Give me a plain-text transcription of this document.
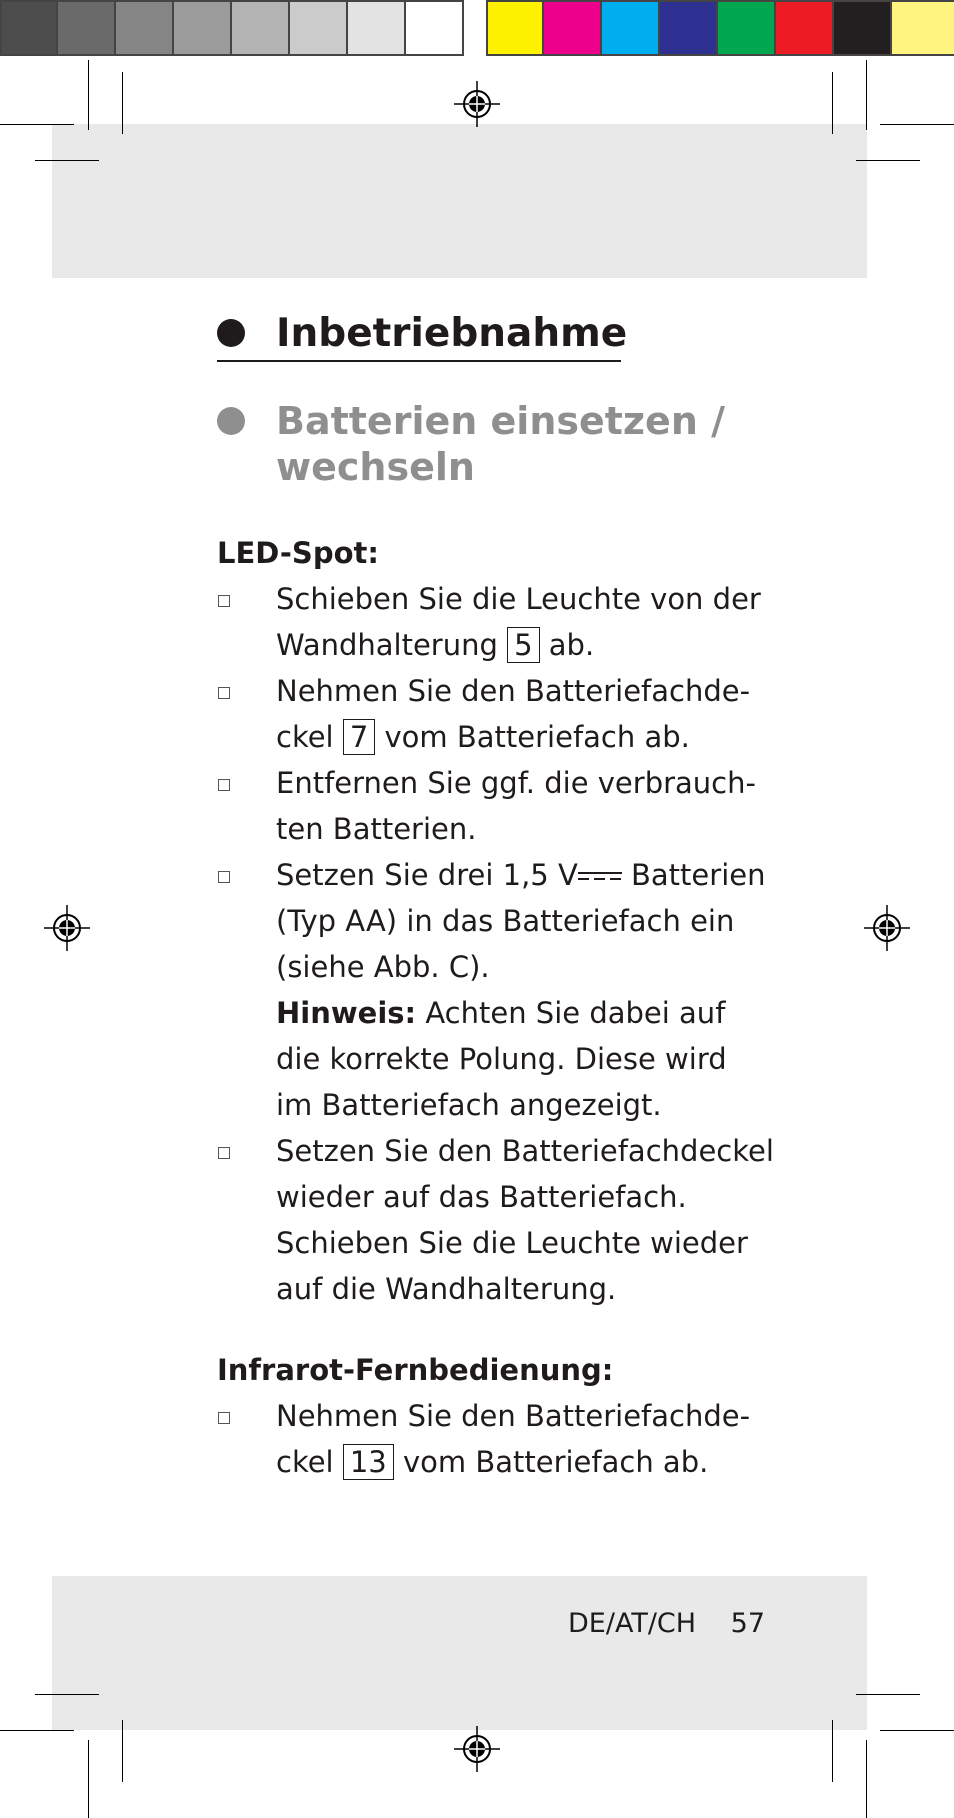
Inbetriebnahme
Batterien einsetzen /
wechseln
LED-Spot:
Schieben Sie die Leuchte von der
Wandhalterung 5 ab.
Nehmen Sie den Batteriefachde-
ckel 7 vom Batteriefach ab.
Entfernen Sie ggf. die verbrauch-
ten Batterien.
Setzen Sie drei 1,5 V Batterien
(Typ AA) in das Batteriefach ein
(siehe Abb. C).
Hinweis: Achten Sie dabei auf
die korrekte Polung. Diese wird
im Batteriefach angezeigt.
Setzen Sie den Batteriefachdeckel
wieder auf das Batteriefach.
Schieben Sie die Leuchte wieder
auf die Wandhalterung.
Infrarot-Fernbedienung:
Nehmen Sie den Batteriefachde-
ckel 13 vom Batteriefach ab.
DE/AT/CH 57
